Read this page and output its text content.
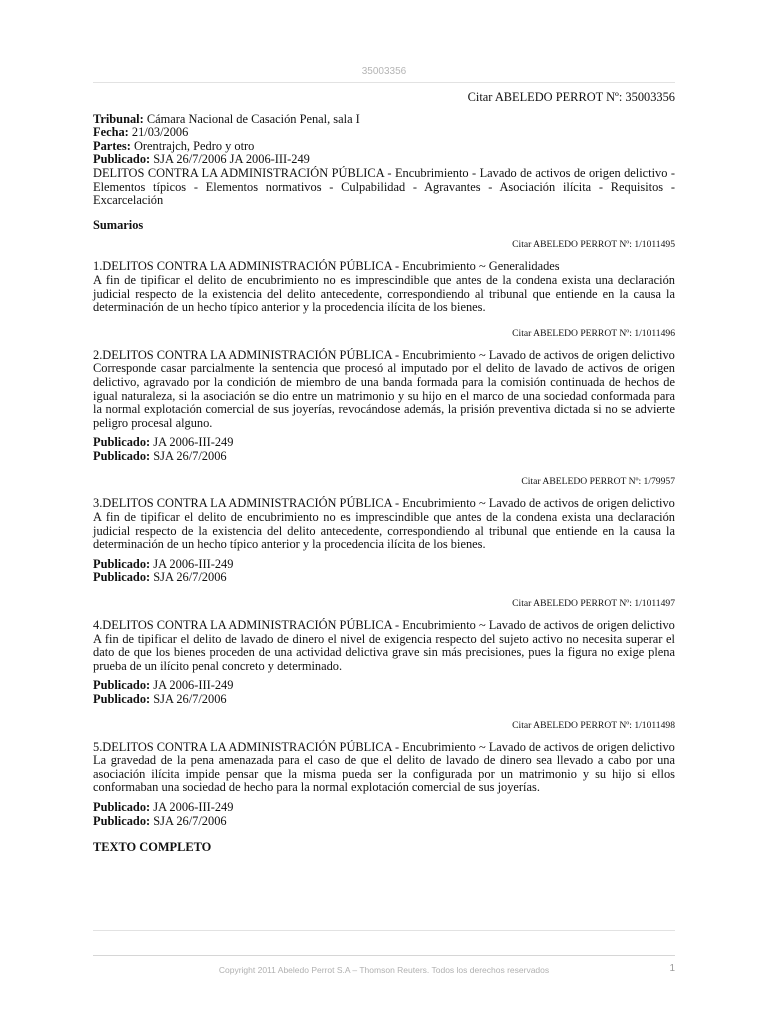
35003356
Citar ABELEDO PERROT Nº: 35003356
Tribunal: Cámara Nacional de Casación Penal, sala I
Fecha: 21/03/2006
Partes: Orentrajch, Pedro y otro
Publicado: SJA 26/7/2006 JA 2006-III-249
DELITOS CONTRA LA ADMINISTRACIÓN PÚBLICA - Encubrimiento - Lavado de activos de origen delictivo - Elementos típicos - Elementos normativos - Culpabilidad - Agravantes - Asociación ilícita - Requisitos - Excarcelación
Sumarios
Citar ABELEDO PERROT Nº: 1/1011495
1.DELITOS CONTRA LA ADMINISTRACIÓN PÚBLICA - Encubrimiento ~ Generalidades
A fin de tipificar el delito de encubrimiento no es imprescindible que antes de la condena exista una declaración judicial respecto de la existencia del delito antecedente, correspondiendo al tribunal que entiende en la causa la determinación de un hecho típico anterior y la procedencia ilícita de los bienes.
Citar ABELEDO PERROT Nº: 1/1011496
2.DELITOS CONTRA LA ADMINISTRACIÓN PÚBLICA - Encubrimiento ~ Lavado de activos de origen delictivo
Corresponde casar parcialmente la sentencia que procesó al imputado por el delito de lavado de activos de origen delictivo, agravado por la condición de miembro de una banda formada para la comisión continuada de hechos de igual naturaleza, si la asociación se dio entre un matrimonio y su hijo en el marco de una sociedad conformada para la normal explotación comercial de sus joyerías, revocándose además, la prisión preventiva dictada si no se advierte peligro procesal alguno.
Publicado: JA 2006-III-249
Publicado: SJA 26/7/2006
Citar ABELEDO PERROT Nº: 1/79957
3.DELITOS CONTRA LA ADMINISTRACIÓN PÚBLICA - Encubrimiento ~ Lavado de activos de origen delictivo
A fin de tipificar el delito de encubrimiento no es imprescindible que antes de la condena exista una declaración judicial respecto de la existencia del delito antecedente, correspondiendo al tribunal que entiende en la causa la determinación de un hecho típico anterior y la procedencia ilícita de los bienes.
Publicado: JA 2006-III-249
Publicado: SJA 26/7/2006
Citar ABELEDO PERROT Nº: 1/1011497
4.DELITOS CONTRA LA ADMINISTRACIÓN PÚBLICA - Encubrimiento ~ Lavado de activos de origen delictivo
A fin de tipificar el delito de lavado de dinero el nivel de exigencia respecto del sujeto activo no necesita superar el dato de que los bienes proceden de una actividad delictiva grave sin más precisiones, pues la figura no exige plena prueba de un ilícito penal concreto y determinado.
Publicado: JA 2006-III-249
Publicado: SJA 26/7/2006
Citar ABELEDO PERROT Nº: 1/1011498
5.DELITOS CONTRA LA ADMINISTRACIÓN PÚBLICA - Encubrimiento ~ Lavado de activos de origen delictivo
La gravedad de la pena amenazada para el caso de que el delito de lavado de dinero sea llevado a cabo por una asociación ilícita impide pensar que la misma pueda ser la configurada por un matrimonio y su hijo si ellos conformaban una sociedad de hecho para la normal explotación comercial de sus joyerías.
Publicado: JA 2006-III-249
Publicado: SJA 26/7/2006
TEXTO COMPLETO
Copyright 2011 Abeledo Perrot S.A – Thomson Reuters. Todos los derechos reservados	1
